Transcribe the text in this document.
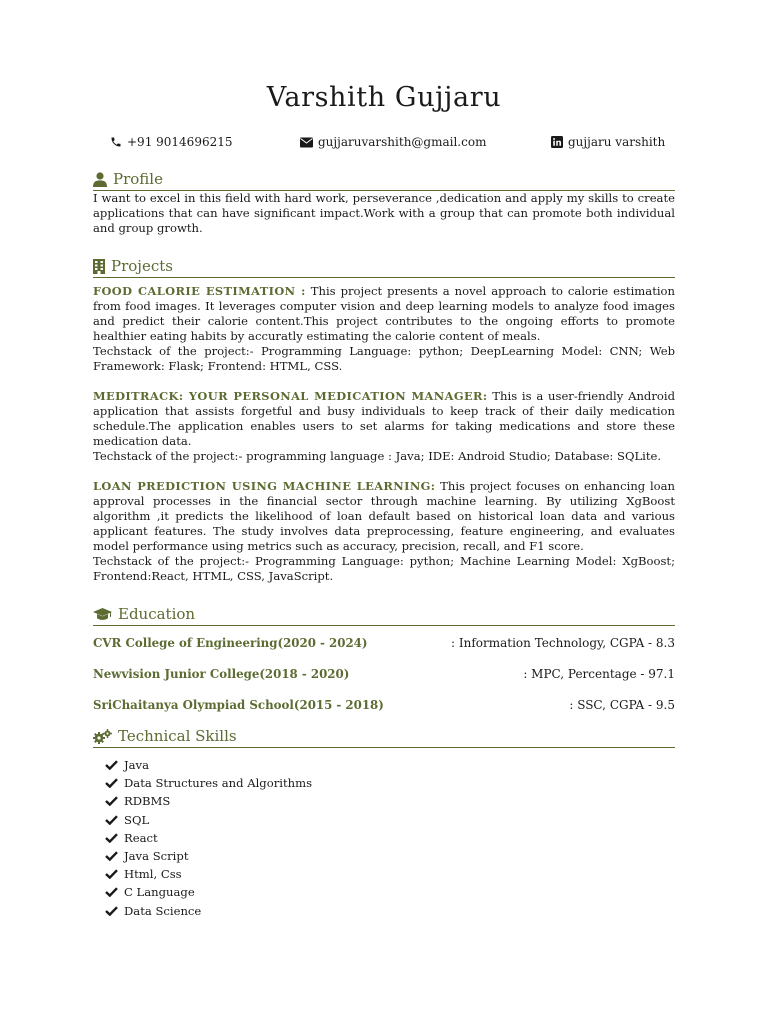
Varshith Gujjaru
+91 9014696215	gujjaruvarshith@gmail.com	gujjaru varshith
Profile

I want to excel in this field with hard work, perseverance ,dedication and apply my skills to create applications that can have significant impact.Work with a group that can promote both individual and group growth.

Projects

FOOD CALORIE ESTIMATION : This project presents a novel approach to calorie estimation from food images. It leverages computer vision and deep learning models to analyze food images and predict their calorie content.This project contributes to the ongoing efforts to promote healthier eating habits by accuratly estimating the calorie content of meals.

Techstack of the project:- Programming Language: python; DeepLearning Model: CNN; Web Framework: Flask; Frontend: HTML, CSS.

MEDITRACK: YOUR PERSONAL MEDICATION MANAGER: This is a user-friendly Android application that assists forgetful and busy individuals to keep track of their daily medication schedule.The application enables users to set alarms for taking medications and store these medication data.

Techstack of the project:- programming language : Java; IDE: Android Studio; Database: SQLite.

LOAN PREDICTION USING MACHINE LEARNING: This project focuses on enhancing loan approval processes in the financial sector through machine learning. By utilizing XgBoost algorithm ,it predicts the likelihood of loan default based on historical loan data and various applicant features. The study involves data preprocessing, feature engineering, and evaluates model performance using metrics such as accuracy, precision, recall, and F1 score.

Techstack of the project:- Programming Language: python; Machine Learning Model: XgBoost; Frontend:React, HTML, CSS, JavaScript.

Education
CVR College of Engineering(2020 - 2024)	: Information Technology, CGPA - 8.3
Newvision Junior College(2018 - 2020)	: MPC, Percentage - 97.1
SriChaitanya Olympiad School(2015 - 2018)	: SSC, CGPA - 9.5
Technical Skills
Java
Data Structures and Algorithms
RDBMS
SQL
React
Java Script
Html, Css
C Language
Data Science
